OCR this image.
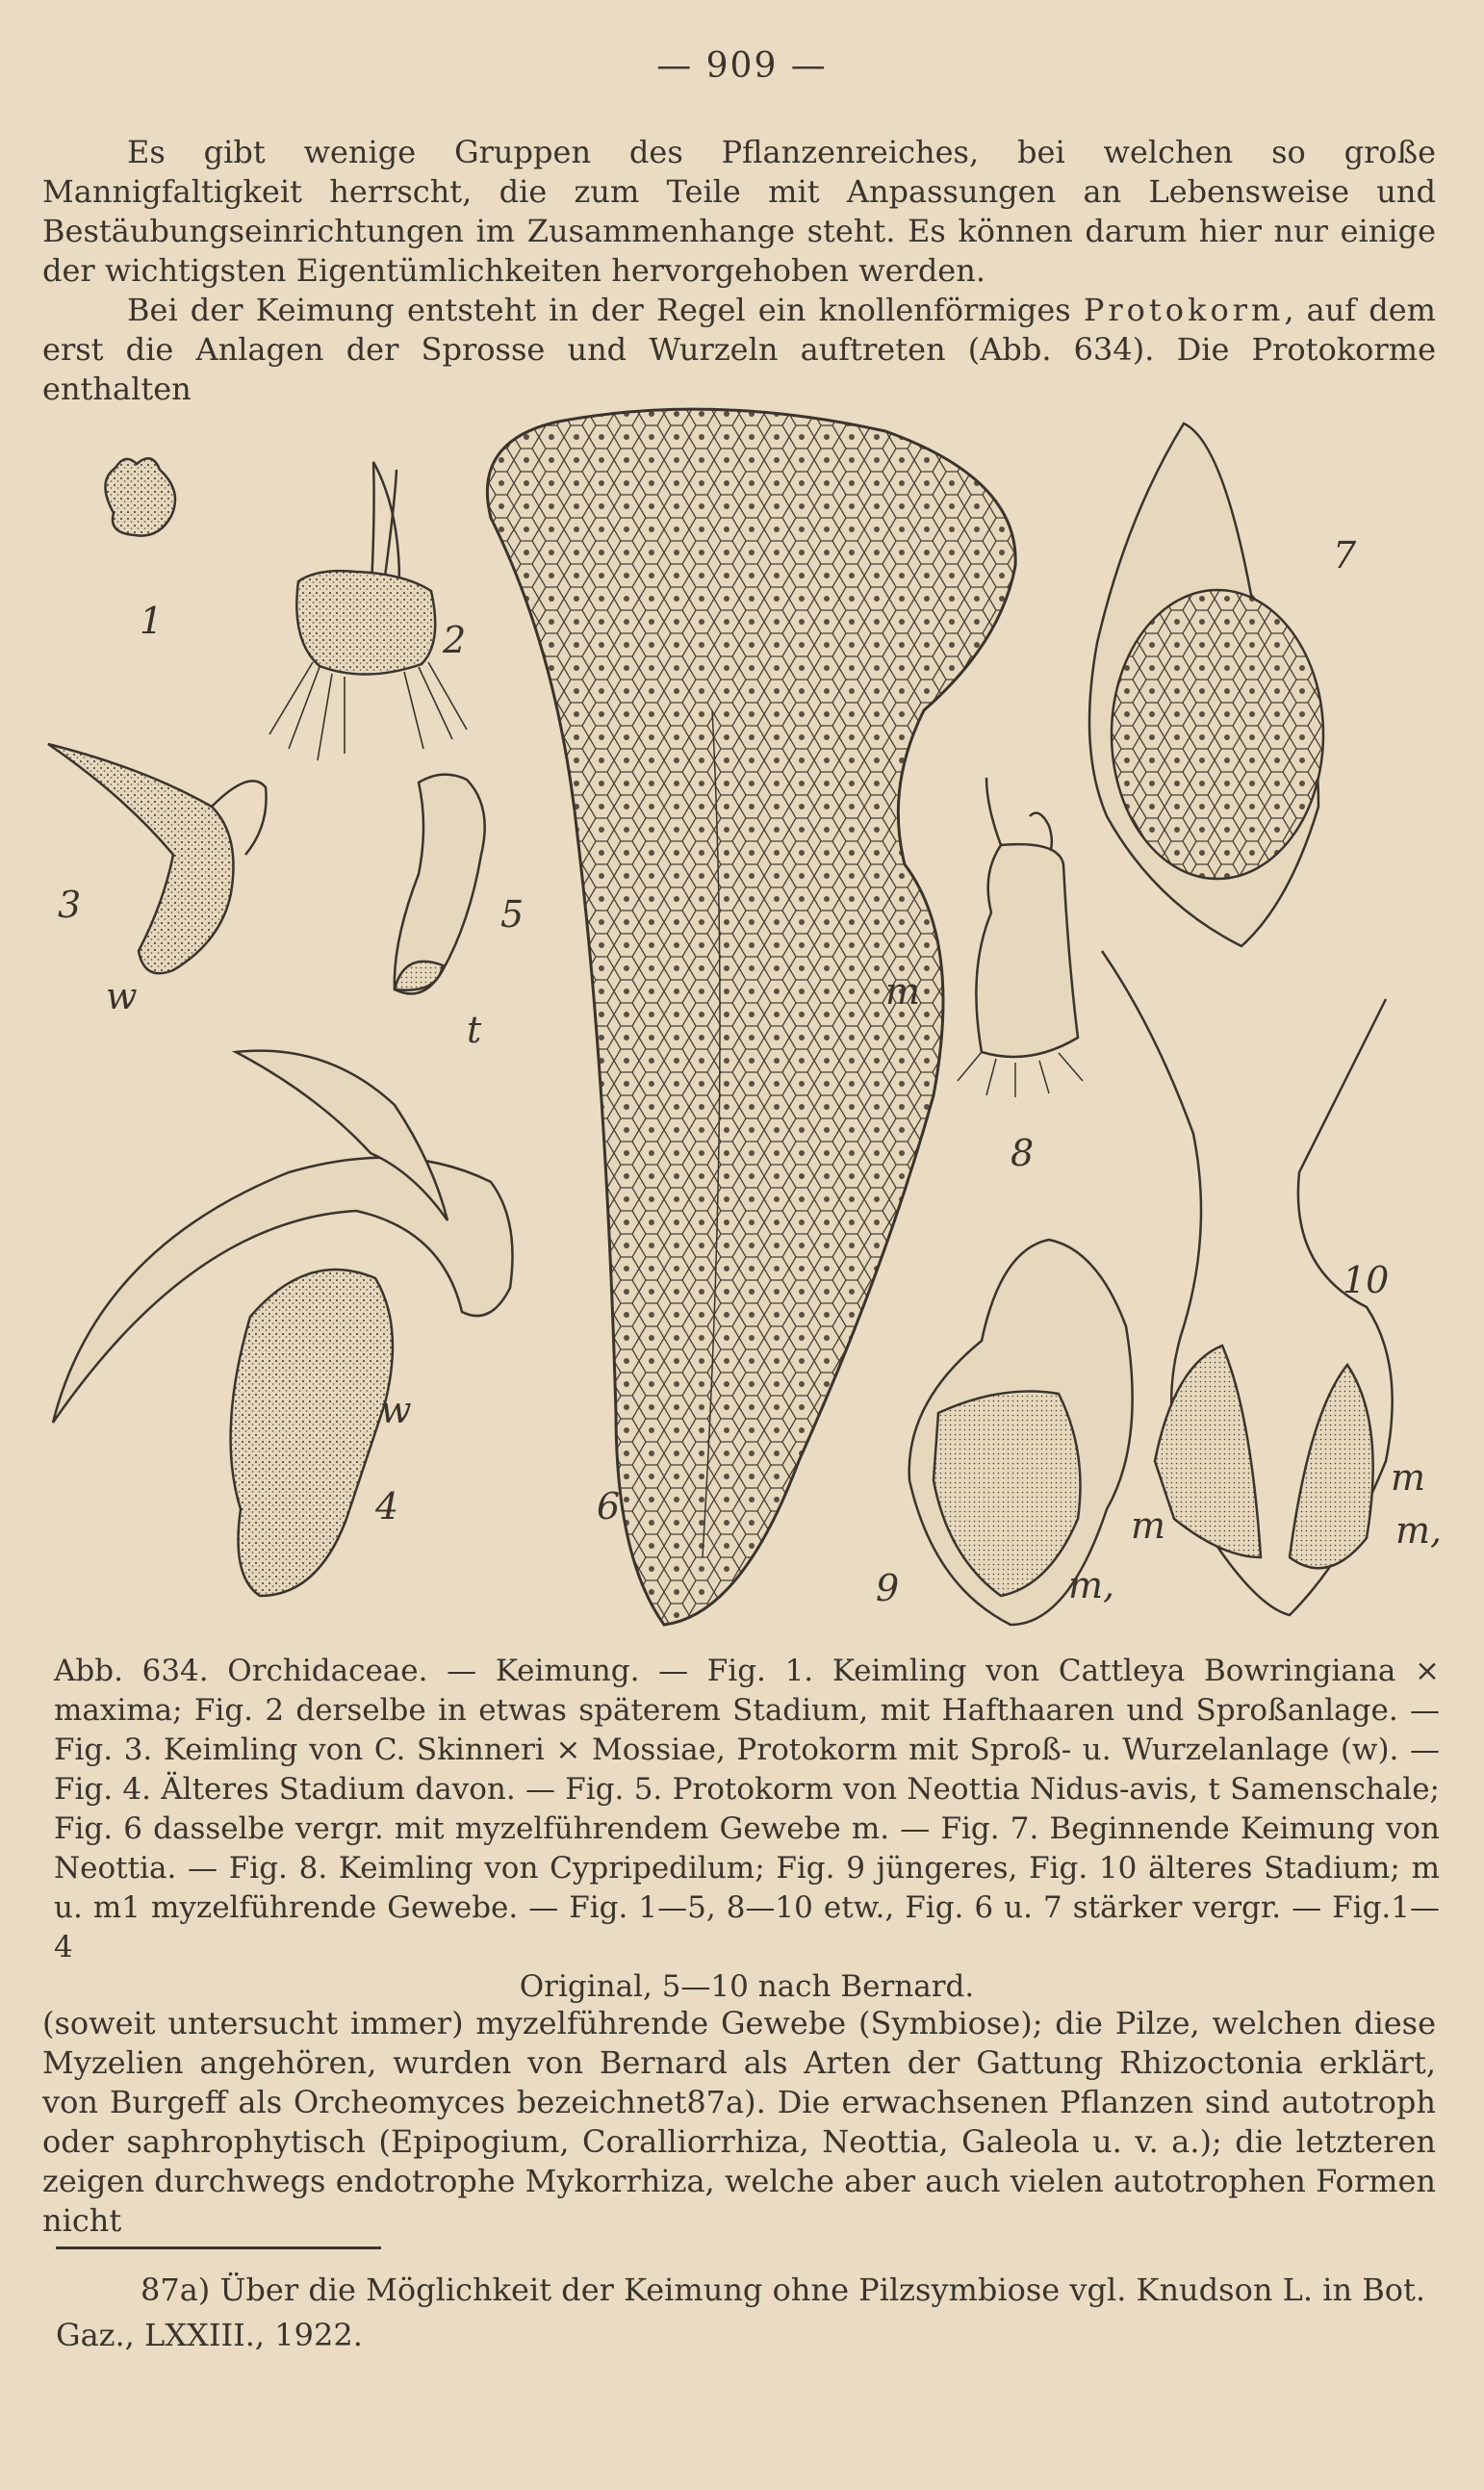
— 909 —

Es gibt wenige Gruppen des Pflanzenreiches, bei welchen so große Mannigfaltigkeit herrscht, die zum Teile mit Anpassungen an Lebensweise und Bestäubungseinrichtungen im Zusammenhange steht. Es können darum hier nur einige der wichtigsten Eigentümlichkeiten hervorgehoben werden.

Bei der Keimung entsteht in der Regel ein knollenförmiges Protokorm, auf dem erst die Anlagen der Sprosse und Wurzeln auftreten (Abb. 634). Die Protokorme enthalten

1	2
3
4
5
6
7
8
9
10
w
w
t
m
m
m
m,
m,

Abb. 634. Orchidaceae. — Keimung. — Fig. 1. Keimling von Cattleya Bowringiana × maxima; Fig. 2 derselbe in etwas späterem Stadium, mit Hafthaaren und Sproßanlage. — Fig. 3. Keimling von C. Skinneri × Mossiae, Protokorm mit Sproß- u. Wurzelanlage (w). — Fig. 4. Älteres Stadium davon. — Fig. 5. Protokorm von Neottia Nidus-avis, t Samenschale; Fig. 6 dasselbe vergr. mit myzelführendem Gewebe m. — Fig. 7. Beginnende Keimung von Neottia. — Fig. 8. Keimling von Cypripedilum; Fig. 9 jüngeres, Fig. 10 älteres Stadium; m u. m1 myzelführende Gewebe. — Fig. 1—5, 8—10 etw., Fig. 6 u. 7 stärker vergr. — Fig.1—4

Original, 5—10 nach Bernard.

(soweit untersucht immer) myzelführende Gewebe (Symbiose); die Pilze, welchen diese Myzelien angehören, wurden von Bernard als Arten der Gattung Rhizoctonia erklärt, von Burgeff als Orcheomyces bezeichnet87a). Die erwachsenen Pflanzen sind autotroph oder saphrophytisch (Epipogium, Coralliorrhiza, Neottia, Galeola u. v. a.); die letzteren zeigen durchwegs endotrophe Mykorrhiza, welche aber auch vielen autotrophen Formen nicht

87a) Über die Möglichkeit der Keimung ohne Pilzsymbiose vgl. Knudson L. in Bot. Gaz., LXXIII., 1922.
